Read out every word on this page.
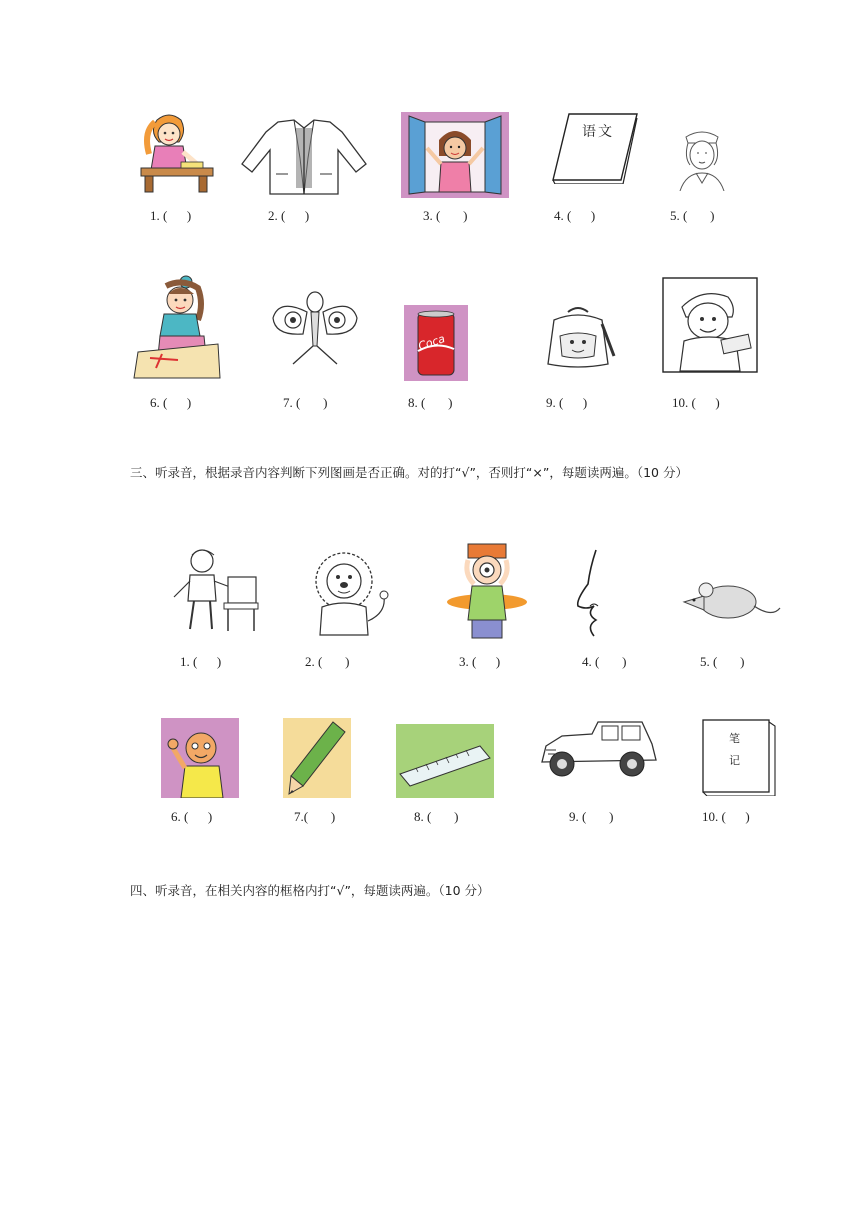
语文
1. (      )	2. (      )	3. (       )	4. (      )	5. (       )
Coca
6. (      )	7. (       )	8. (       )	9. (      )	10. (      )
三、听录音，根据录音内容判断下列图画是否正确。对的打“√”，否则打“×”，每题读两遍。（10 分）
1. (      )	2. (       )	3. (      )	4. (       )	5. (       )
笔
记
6. (      )	7.(       )	8. (       )	9. (       )	10. (      )
四、听录音，在相关内容的框格内打“√”，每题读两遍。（10 分）
